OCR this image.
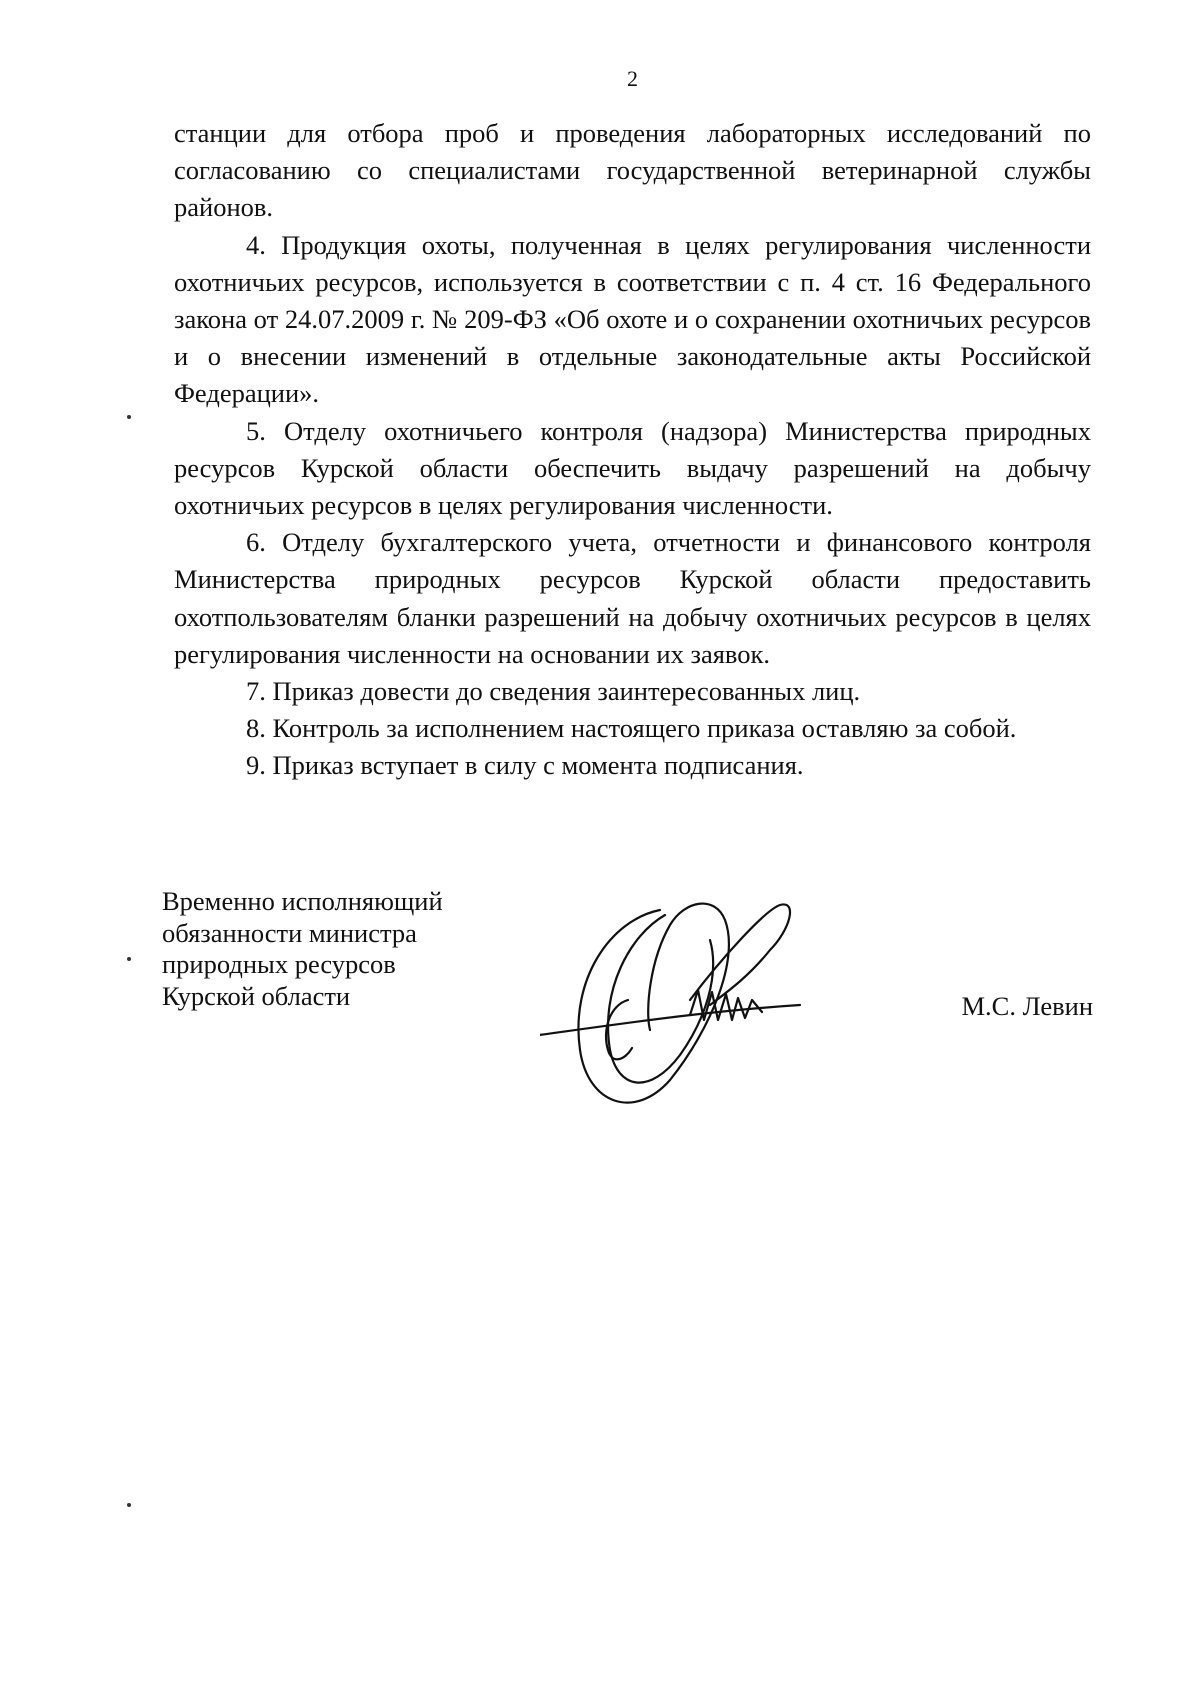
2

станции для отбора проб и проведения лабораторных исследований по согласованию со специалистами государственной ветеринарной службы районов.

4. Продукция охоты, полученная в целях регулирования численности охотничьих ресурсов, используется в соответствии с п. 4 ст. 16 Федерального закона от 24.07.2009 г. № 209-ФЗ «Об охоте и о сохранении охотничьих ресурсов и о внесении изменений в отдельные законодательные акты Российской Федерации».

5. Отделу охотничьего контроля (надзора) Министерства природных ресурсов Курской области обеспечить выдачу разрешений на добычу охотничьих ресурсов в целях регулирования численности.

6. Отделу бухгалтерского учета, отчетности и финансового контроля Министерства природных ресурсов Курской области предоставить охотпользователям бланки разрешений на добычу охотничьих ресурсов в целях регулирования численности на основании их заявок.

7. Приказ довести до сведения заинтересованных лиц.

8. Контроль за исполнением настоящего приказа оставляю за собой.

9. Приказ вступает в силу с момента подписания.

Временно исполняющий
обязанности министра
природных ресурсов
Курской области	М.С. Левин
